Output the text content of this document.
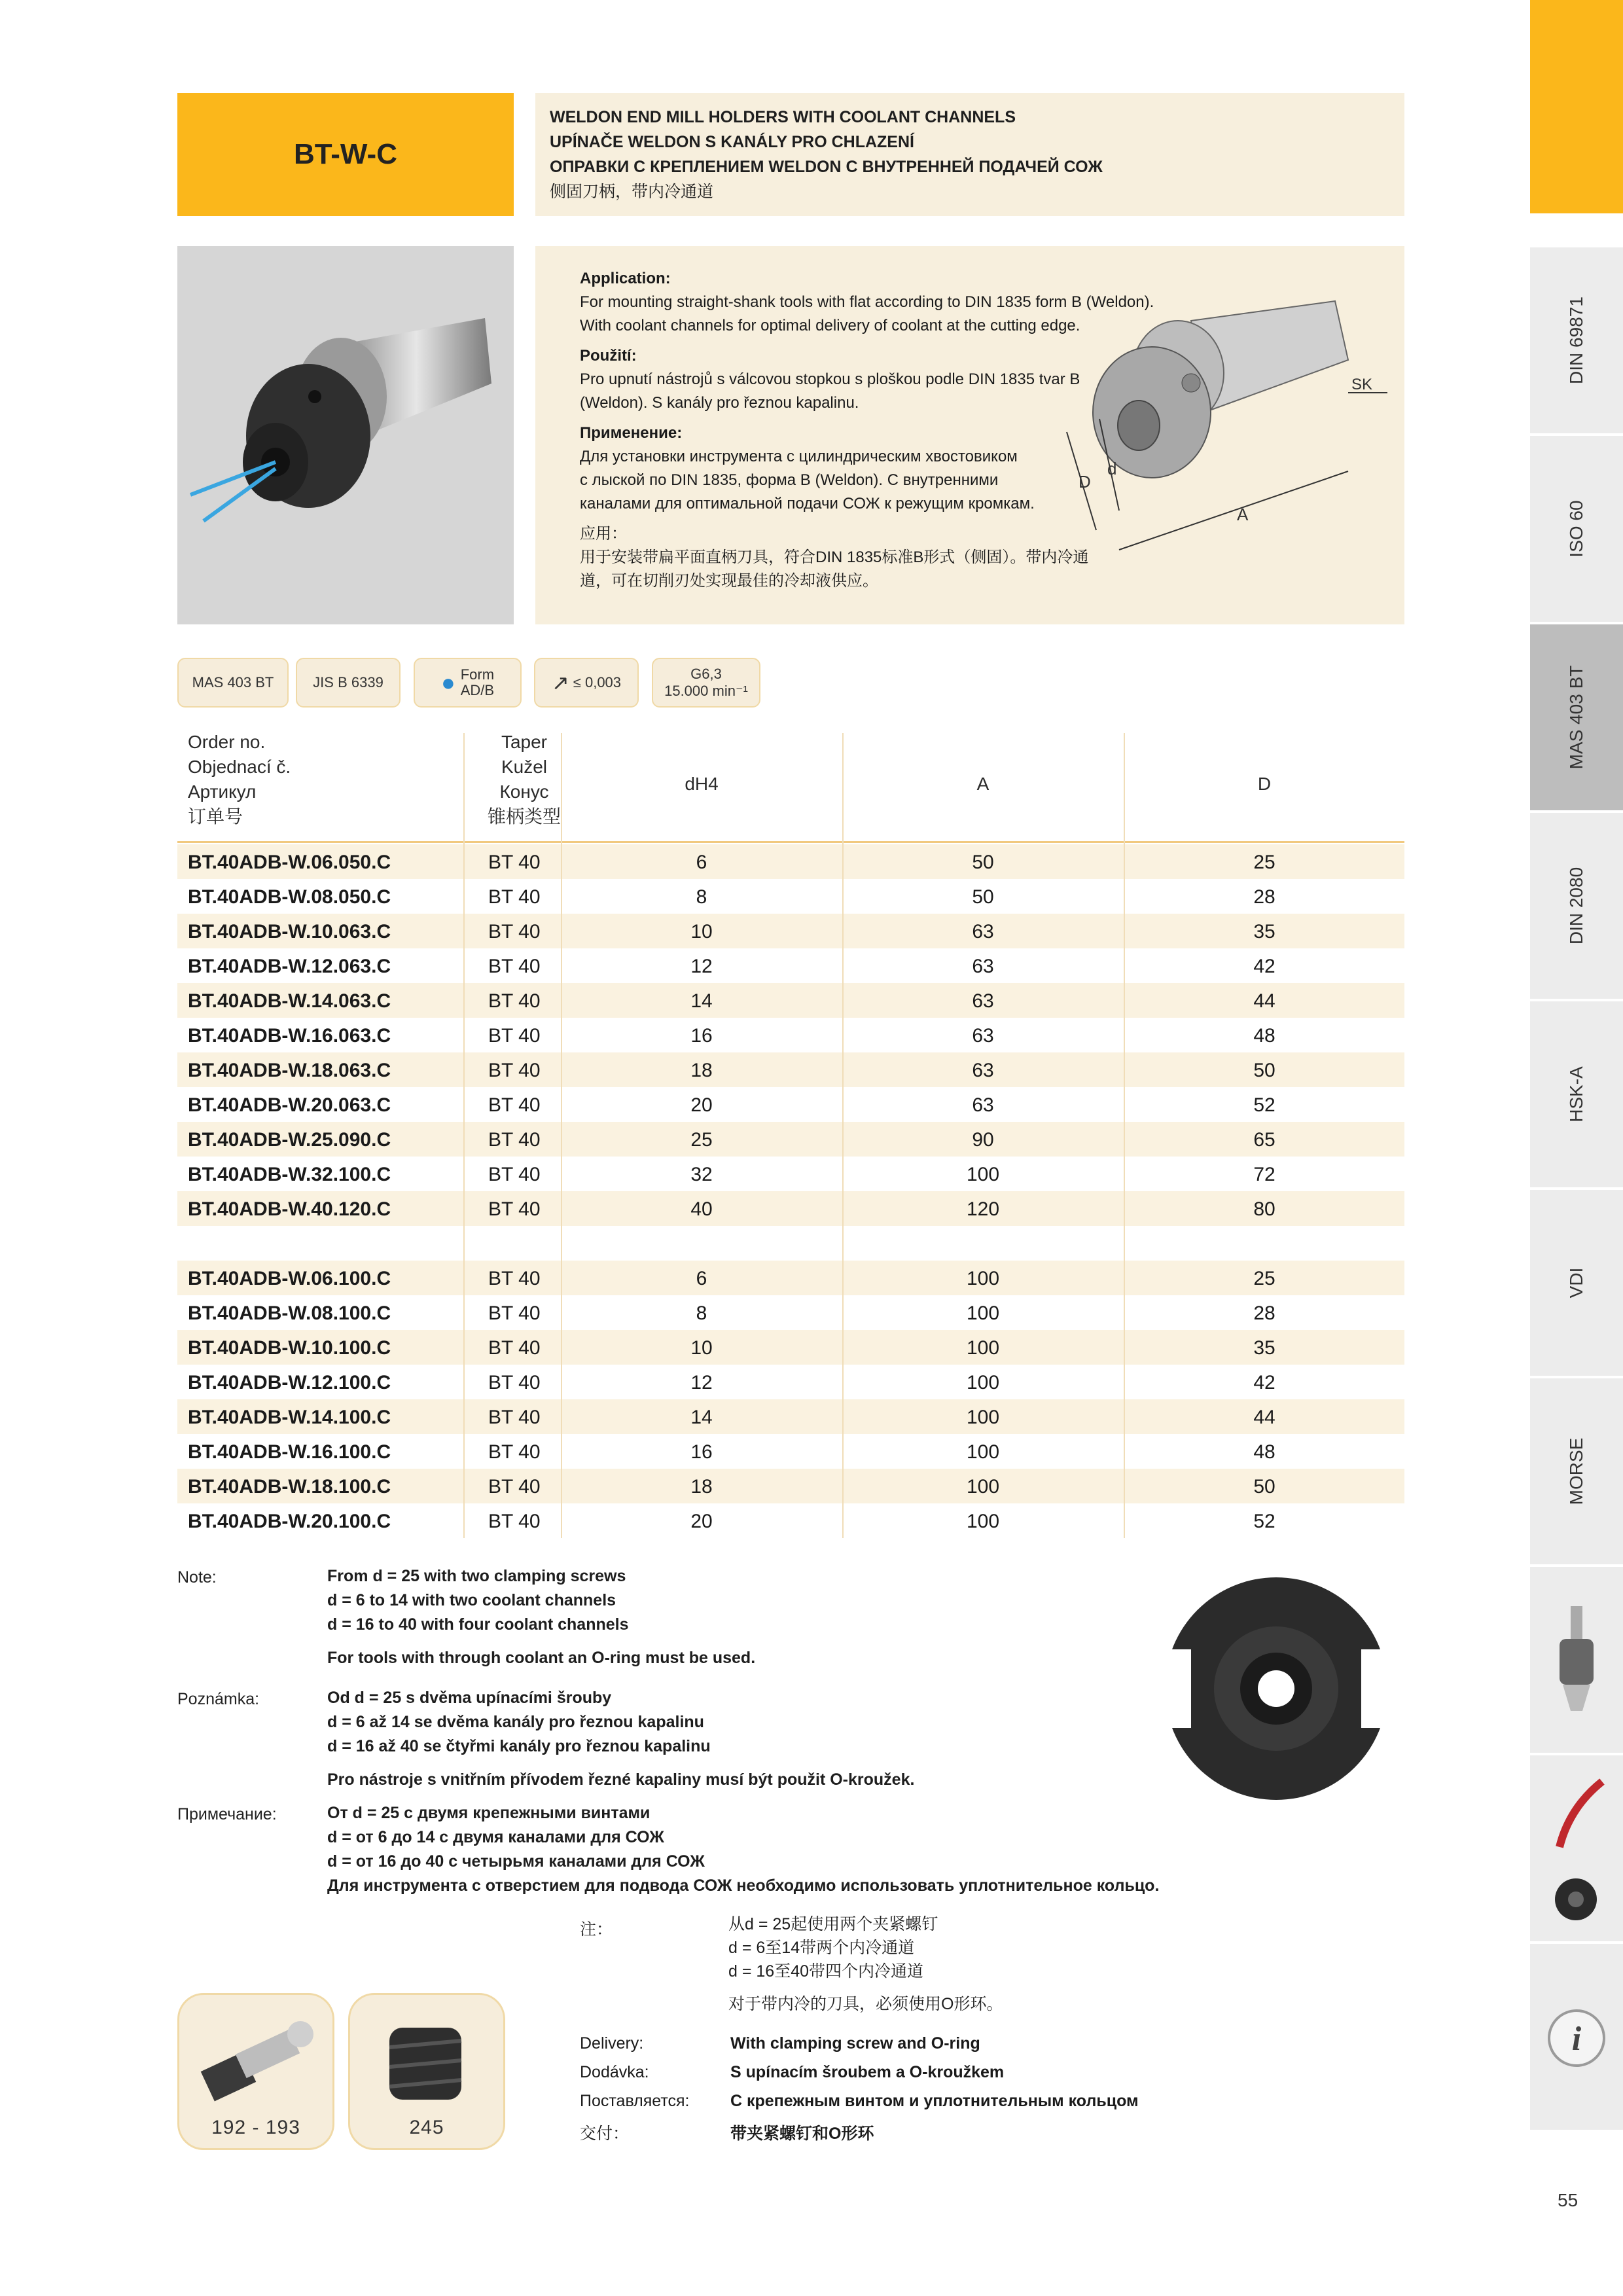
BT-W-C
WELDON END MILL HOLDERS WITH COOLANT CHANNELS
UPÍNAČE WELDON S KANÁLY PRO CHLAZENÍ
ОПРАВКИ С КРЕПЛЕНИЕМ WELDON С ВНУТРЕННЕЙ ПОДАЧЕЙ СОЖ
侧固刀柄，带内冷通道
Application:
For mounting straight-shank tools with flat according to DIN 1835 form B (Weldon).
With coolant channels for optimal delivery of coolant at the cutting edge.
Použití:
Pro upnutí nástrojů s válcovou stopkou s ploškou podle DIN 1835 tvar B
(Weldon). S kanály pro řeznou kapalinu.
Применение:
Для установки инструмента с цилиндрическим хвостовиком
с лыской по DIN 1835, форма B (Weldon). С внутренними
каналами для оптимальной подачи СОЖ к режущим кромкам.
应用：
用于安装带扁平面直柄刀具，符合DIN 1835标准B形式（侧固）。带内冷通
道，可在切削刃处实现最佳的冷却液供应。
D
d
A
SK
MAS 403 BT	JIS B 6339 ● Form
AD/B	↗ ≤ 0,003
G6,3
15.000 min⁻¹
Order no.
Objednací č.
Артикул
订单号
Taper
Kužel
Конус
锥柄类型
dH4	A	D
BT.40ADB-W.06.050.C	BT 40	6	50	25
BT.40ADB-W.08.050.C	BT 40	8	50	28
BT.40ADB-W.10.063.C	BT 40	10	63	35
BT.40ADB-W.12.063.C	BT 40	12	63	42
BT.40ADB-W.14.063.C	BT 40	14	63	44
BT.40ADB-W.16.063.C	BT 40	16	63	48
BT.40ADB-W.18.063.C	BT 40	18	63	50
BT.40ADB-W.20.063.C	BT 40	20	63	52
BT.40ADB-W.25.090.C	BT 40	25	90	65
BT.40ADB-W.32.100.C	BT 40	32	100	72
BT.40ADB-W.40.120.C	BT 40	40	120	80
BT.40ADB-W.06.100.C	BT 40	6	100	25
BT.40ADB-W.08.100.C	BT 40	8	100	28
BT.40ADB-W.10.100.C	BT 40	10	100	35
BT.40ADB-W.12.100.C	BT 40	12	100	42
BT.40ADB-W.14.100.C	BT 40	14	100	44
BT.40ADB-W.16.100.C	BT 40	16	100	48
BT.40ADB-W.18.100.C	BT 40	18	100	50
BT.40ADB-W.20.100.C	BT 40	20	100	52
Note:	From d = 25 with two clamping screws
d = 6 to 14 with two coolant channels
d = 16 to 40 with four coolant channels
For tools with through coolant an O-ring must be used.
Poznámka:	Od d = 25 s dvěma upínacími šrouby
d = 6 až 14 se dvěma kanály pro řeznou kapalinu
d = 16 až 40 se čtyřmi kanály pro řeznou kapalinu
Pro nástroje s vnitřním přívodem řezné kapaliny musí být použit O-kroužek.
Примечание:	От d = 25 с двумя крепежными винтами
d = от 6 до 14 с двумя каналами для СОЖ
d = от 16 до 40 с четырьмя каналами для СОЖ
Для инструмента с отверстием для подвода СОЖ необходимо использовать уплотнительное кольцо.
注：	从d = 25起使用两个夹紧螺钉
d = 6至14带两个内冷通道
d = 16至40带四个内冷通道
对于带内冷的刀具，必须使用O形环。
192 - 193	245
Delivery:	With clamping screw and O-ring
Dodávka:	S upínacím šroubem a O-kroužkem
Поставляется:	С крепежным винтом и уплотнительным кольцом
交付：	带夹紧螺钉和O形环
DIN 69871
ISO 60
MAS 403 BT
DIN 2080
HSK-A
VDI
MORSE
i
55
